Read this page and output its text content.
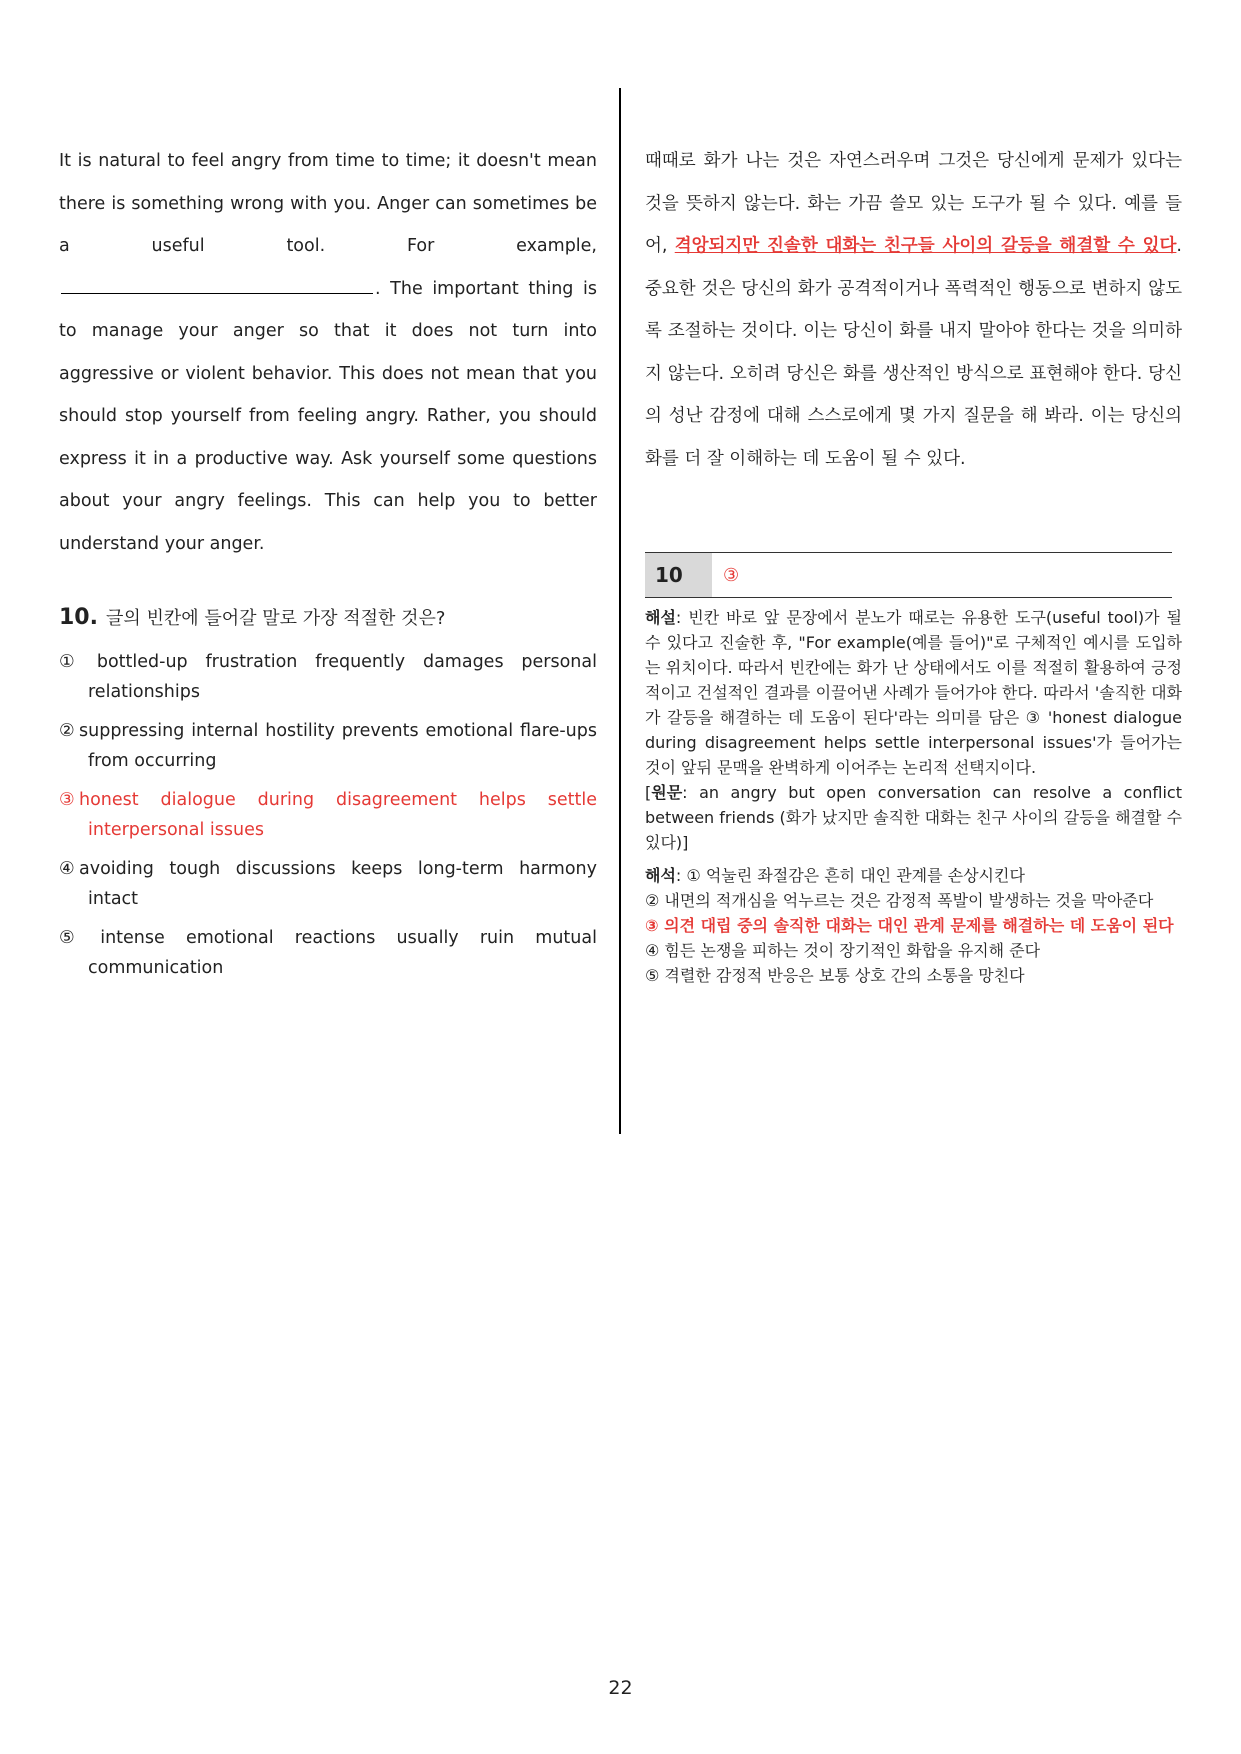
It is natural to feel angry from time to time; it doesn't mean there is something wrong with you. Anger can sometimes be a useful tool. For example, . The important thing is to manage your anger so that it does not turn into aggressive or violent behavior. This does not mean that you should stop yourself from feeling angry. Rather, you should express it in a productive way. Ask yourself some questions about your angry feelings. This can help you to better understand your anger.

10. 글의 빈칸에 들어갈 말로 가장 적절한 것은?
① bottled-up frustration frequently damages personal relationships
② suppressing internal hostility prevents emotional flare-ups from occurring
③ honest dialogue during disagreement helps settle interpersonal issues
④ avoiding tough discussions keeps long-term harmony intact
⑤ intense emotional reactions usually ruin mutual communication

때때로 화가 나는 것은 자연스러우며 그것은 당신에게 문제가 있다는 것을 뜻하지 않는다. 화는 가끔 쓸모 있는 도구가 될 수 있다. 예를 들어, 격앙되지만 진솔한 대화는 친구들 사이의 갈등을 해결할 수 있다. 중요한 것은 당신의 화가 공격적이거나 폭력적인 행동으로 변하지 않도록 조절하는 것이다. 이는 당신이 화를 내지 말아야 한다는 것을 의미하지 않는다. 오히려 당신은 화를 생산적인 방식으로 표현해야 한다. 당신의 성난 감정에 대해 스스로에게 몇 가지 질문을 해 봐라. 이는 당신의 화를 더 잘 이해하는 데 도움이 될 수 있다.

10	③

해설: 빈칸 바로 앞 문장에서 분노가 때로는 유용한 도구(useful tool)가 될 수 있다고 진술한 후, "For example(예를 들어)"로 구체적인 예시를 도입하는 위치이다. 따라서 빈칸에는 화가 난 상태에서도 이를 적절히 활용하여 긍정적이고 건설적인 결과를 이끌어낸 사례가 들어가야 한다. 따라서 '솔직한 대화가 갈등을 해결하는 데 도움이 된다'라는 의미를 담은 ③ 'honest dialogue during disagreement helps settle interpersonal issues'가 들어가는 것이 앞뒤 문맥을 완벽하게 이어주는 논리적 선택지이다.

[원문: an angry but open conversation can resolve a conflict between friends (화가 났지만 솔직한 대화는 친구 사이의 갈등을 해결할 수 있다)]

해석: ① 억눌린 좌절감은 흔히 대인 관계를 손상시킨다

② 내면의 적개심을 억누르는 것은 감정적 폭발이 발생하는 것을 막아준다

③ 의견 대립 중의 솔직한 대화는 대인 관계 문제를 해결하는 데 도움이 된다

④ 힘든 논쟁을 피하는 것이 장기적인 화합을 유지해 준다

⑤ 격렬한 감정적 반응은 보통 상호 간의 소통을 망친다

22
